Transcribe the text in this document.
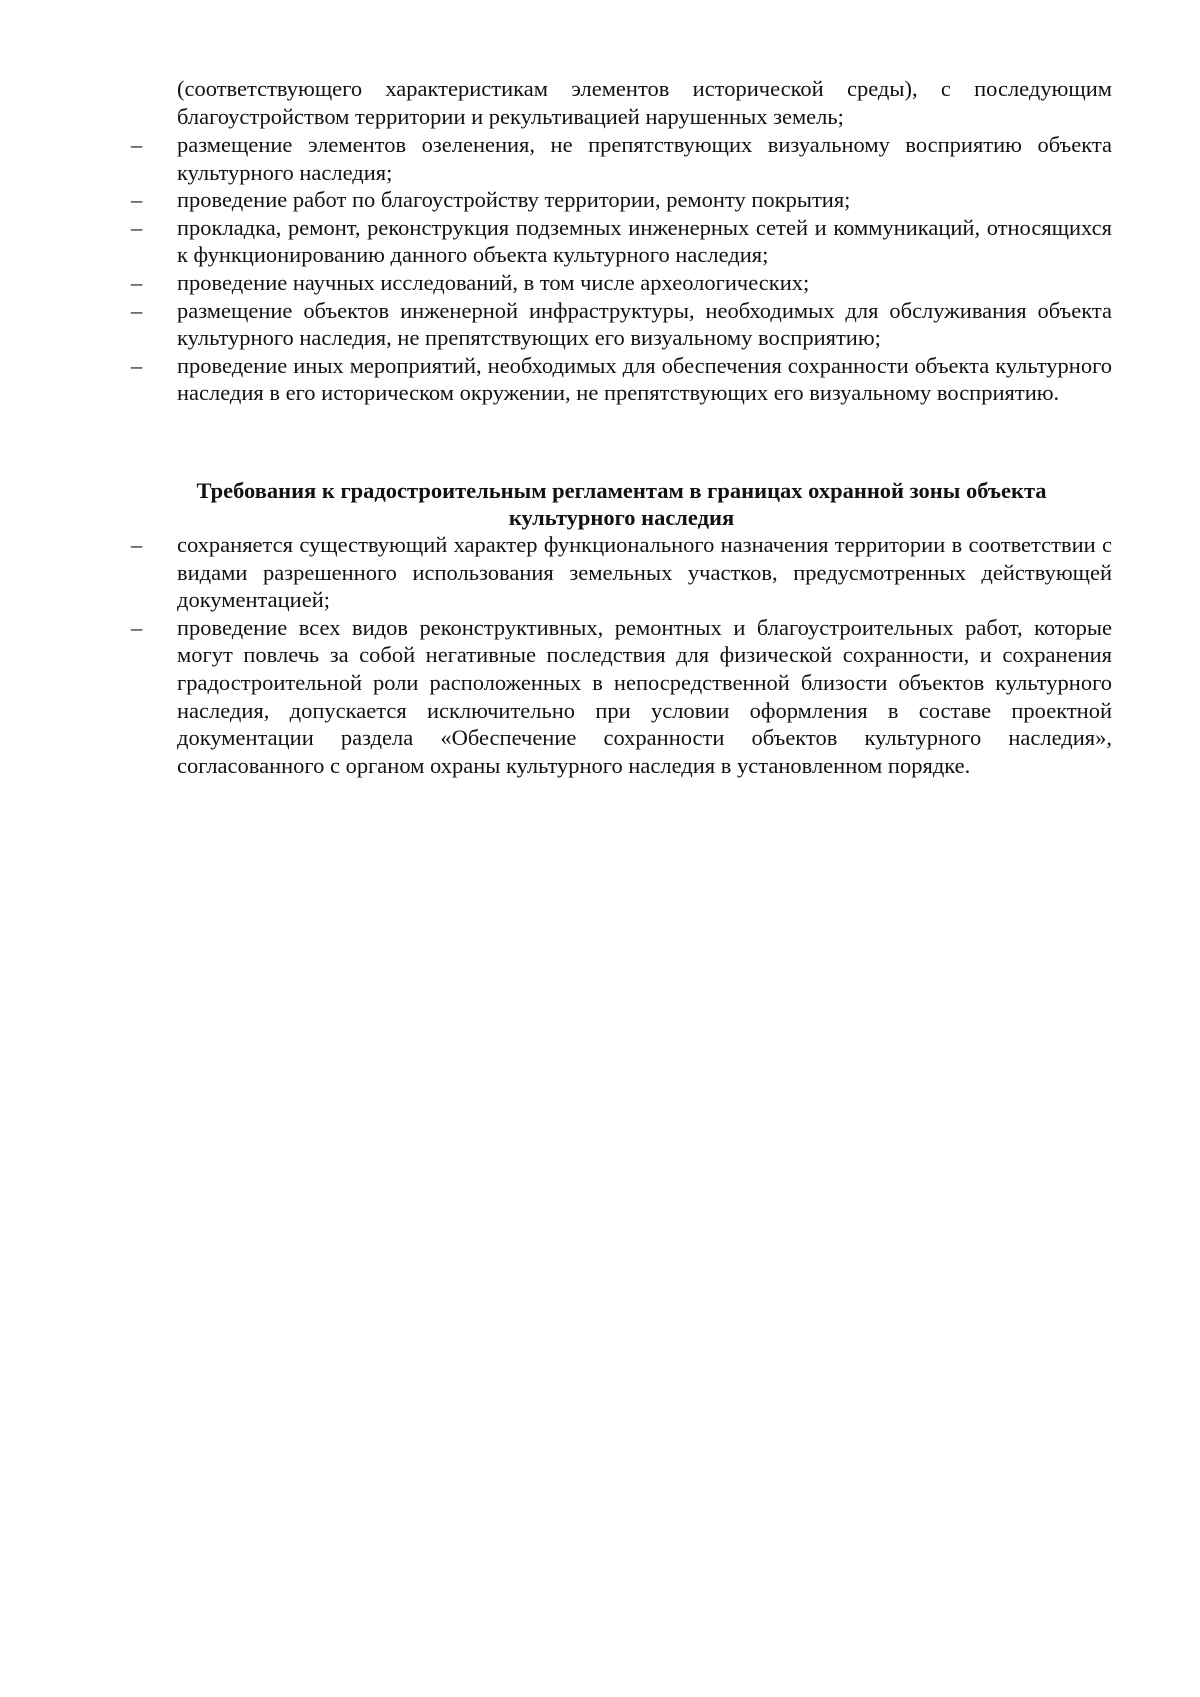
(соответствующего характеристикам элементов исторической среды), с последующим благоустройством территории и рекультивацией нарушенных земель;
–	размещение элементов озеленения, не препятствующих визуальному восприятию объекта культурного наследия;
–	проведение работ по благоустройству территории, ремонту покрытия;
–	прокладка, ремонт, реконструкция подземных инженерных сетей и коммуникаций, относящихся к функционированию данного объекта культурного наследия;
–	проведение научных исследований, в том числе археологических;
–	размещение объектов инженерной инфраструктуры, необходимых для обслуживания объекта культурного наследия, не препятствующих его визуальному восприятию;
–	проведение иных мероприятий, необходимых для обеспечения сохранности объекта культурного наследия в его историческом окружении, не препятствующих его визуальному восприятию.
Требования к градостроительным регламентам в границах охранной зоны объекта
культурного наследия
–	сохраняется существующий характер функционального назначения территории в соответствии с видами разрешенного использования земельных участков, предусмотренных действующей документацией;
–	проведение всех видов реконструктивных, ремонтных и благоустроительных работ, которые могут повлечь за собой негативные последствия для физической сохранности, и сохранения градостроительной роли расположенных в непосредственной близости объектов культурного наследия, допускается исключительно при условии оформления в составе проектной документации раздела «Обеспечение сохранности объектов культурного наследия», согласованного с органом охраны культурного наследия в установленном порядке.
